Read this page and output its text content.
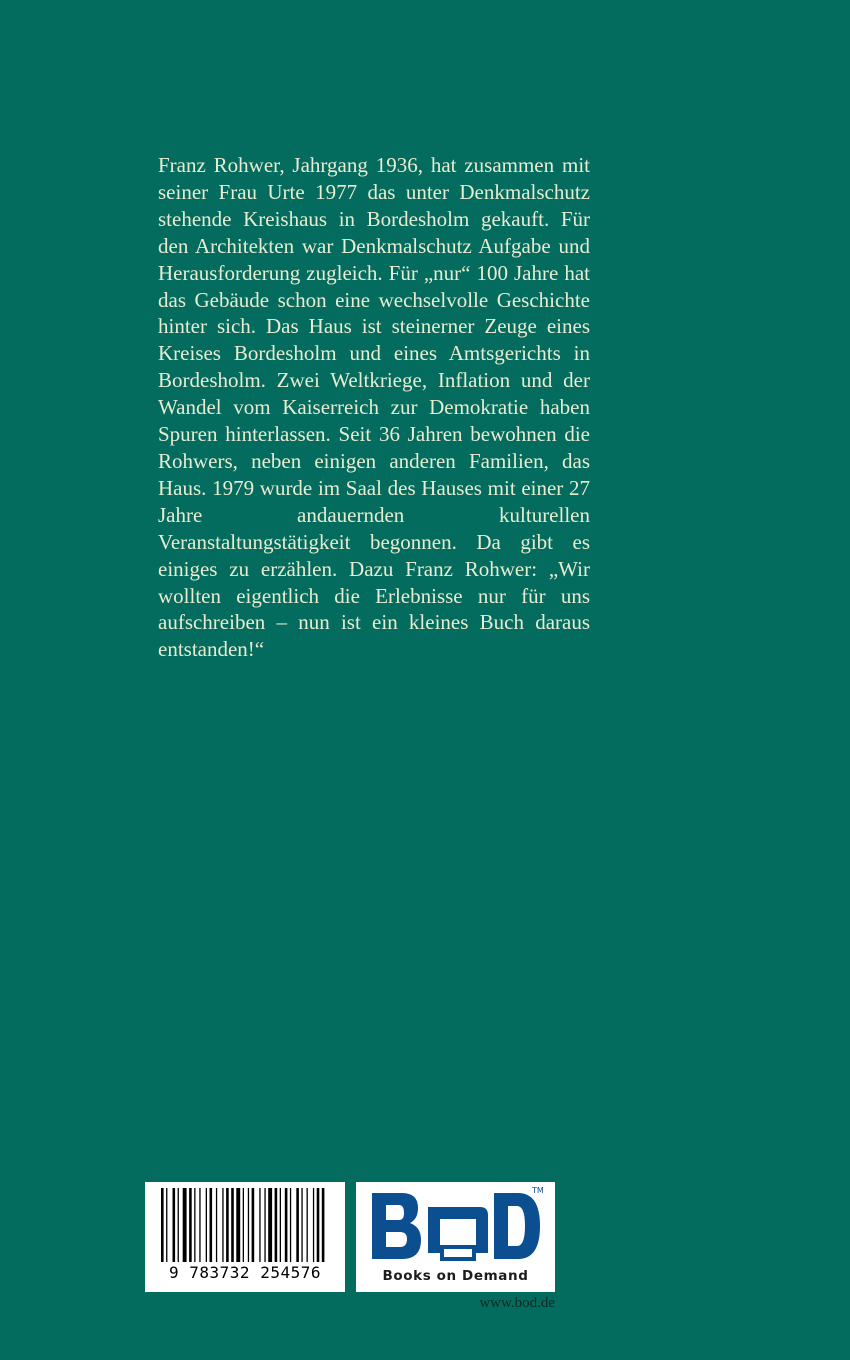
Franz Rohwer, Jahrgang 1936, hat zusammen mit seiner Frau Urte 1977 das unter Denkmalschutz stehende Kreishaus in Bordesholm gekauft. Für den Architekten war Denkmalschutz Aufgabe und Herausforderung zugleich. Für „nur“ 100 Jahre hat das Gebäude schon eine wechselvolle Geschichte hinter sich. Das Haus ist steinerner Zeuge eines Kreises Bordesholm und eines Amtsgerichts in Bordesholm. Zwei Weltkriege, Inflation und der Wandel vom Kaiserreich zur Demokratie haben Spuren hinterlassen. Seit 36 Jahren bewohnen die Rohwers, neben einigen anderen Familien, das Haus. 1979 wurde im Saal des Hauses mit einer 27 Jahre andauernden kulturellen Veranstaltungstätigkeit begonnen. Da gibt es einiges zu erzählen. Dazu Franz Rohwer: „Wir wollten eigentlich die Erlebnisse nur für uns aufschreiben – nun ist ein kleines Buch daraus entstanden!“

9 783732 254576
TM
Books on Demand
www.bod.de
